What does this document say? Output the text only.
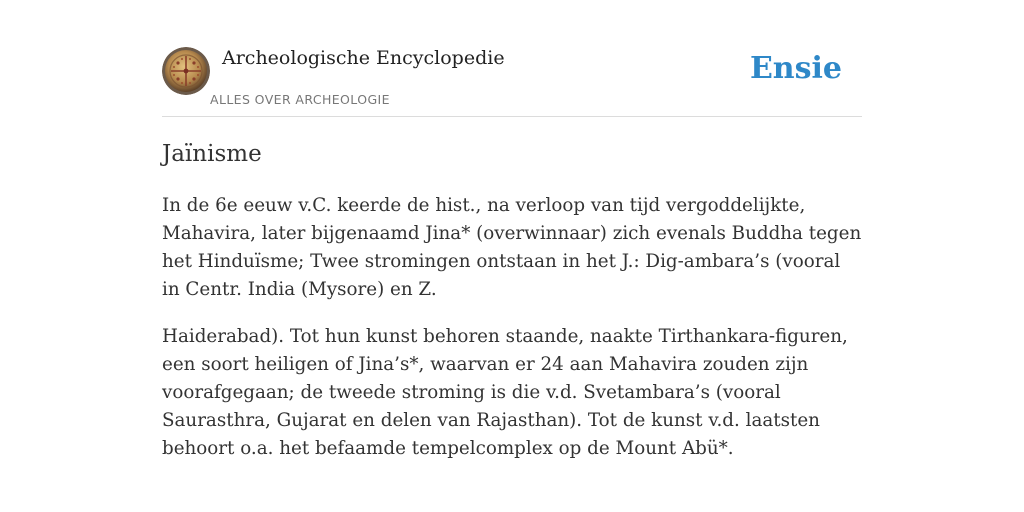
Archeologische Encyclopedie
ALLES OVER ARCHEOLOGIE
Ensie
Jaïnisme

In de 6e eeuw v.C. keerde de hist., na verloop van tijd vergoddelijkte, Mahavira, later bijgenaamd Jina* (overwinnaar) zich evenals Buddha tegen het Hinduïsme; Twee stromingen ontstaan in het J.: Dig-ambara’s (vooral in Centr. India (Mysore) en Z.

Haiderabad). Tot hun kunst behoren staande, naakte Tirthankara-figuren, een soort heiligen of Jina’s*, waarvan er 24 aan Mahavira zouden zijn voorafgegaan; de tweede stroming is die v.d. Svetambara’s (vooral Saurasthra, Gujarat en delen van Rajasthan). Tot de kunst v.d. laatsten behoort o.a. het befaamde tempelcomplex op de Mount Abü*.
